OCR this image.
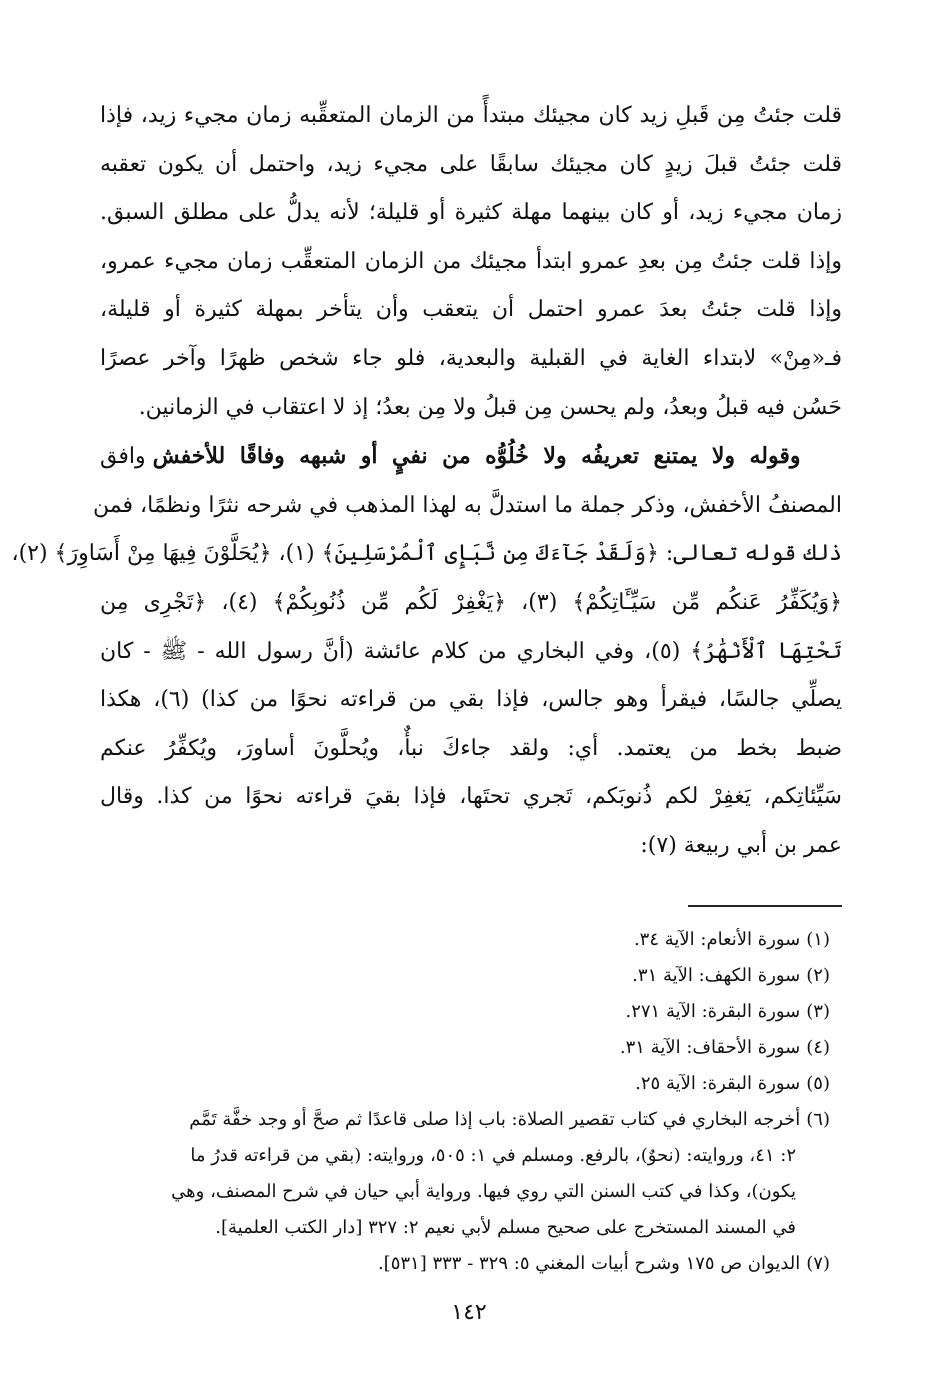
قلت جئتُ مِن قَبلِ زيد كان مجيئك مبتدأً من الزمان المتعقِّبه زمان مجيء زيد، فإذا
قلت جئتُ قبلَ زيدٍ كان مجيئك سابقًا على مجيء زيد، واحتمل أن يكون تعقبه
زمان مجيء زيد، أو كان بينهما مهلة كثيرة أو قليلة؛ لأنه يدلُّ على مطلق السبق.
وإذا قلت جئتُ مِن بعدِ عمرو ابتدأ مجيئك من الزمان المتعقِّب زمان مجيء عمرو،
وإذا قلت جئتُ بعدَ عمرو احتمل أن يتعقب وأن يتأخر بمهلة كثيرة أو قليلة،
فـ«مِنْ» لابتداء الغاية في القبلية والبعدية، فلو جاء شخص ظهرًا وآخر عصرًا
حَسُن فيه قبلُ وبعدُ، ولم يحسن مِن قبلُ ولا مِن بعدُ؛ إذ لا اعتقاب في الزمانين.

وقوله ولا يمتنع تعريفُه ولا خُلُوُّه من نفيٍ أو شبهه وفاقًا للأخفش وافق
المصنفُ الأخفش، وذكر جملة ما استدلَّ به لهذا المذهب في شرحه نثرًا ونظمًا، فمن
ذلك قوله تعالى: ﴿وَلَقَدْ جَآءَكَ مِن نَّبَإِى ٱلْمُرْسَلِينَ﴾ (١)، ﴿يُحَلَّوْنَ فِيهَا مِنْ أَسَاوِرَ﴾ (٢)،
﴿وَيُكَفِّرُ عَنكُم مِّن سَيِّـَٔاتِكُمْ﴾ (٣)، ﴿يَغْفِرْ لَكُم مِّن ذُنُوبِكُمْ﴾ (٤)، ﴿تَجْرِى مِن
تَحْتِهَا ٱلْأَنْهَٰرُ﴾ (٥)، وفي البخاري من كلام عائشة (أنَّ رسول الله - ﷺ - كان
يصلِّي جالسًا، فيقرأ وهو جالس، فإذا بقي من قراءته نحوًا من كذا) (٦)، هكذا
ضبط بخط من يعتمد. أي: ولقد جاءكَ نبأٌ، ويُحلَّونَ أساورَ، ويُكفِّرُ عنكم
سَيِّئاتِكم، يَغفِرْ لكم ذُنوبَكم، تَجري تحتَها، فإذا بقيَ قراءته نحوًا من كذا. وقال
عمر بن أبي ربيعة (٧):

(١)سورة الأنعام: الآية ٣٤.
(٢)سورة الكهف: الآية ٣١.
(٣)سورة البقرة: الآية ٢٧١.
(٤)سورة الأحقاف: الآية ٣١.
(٥)سورة البقرة: الآية ٢٥.
(٦)أخرجه البخاري في كتاب تقصير الصلاة: باب إذا صلى قاعدًا ثم صحَّ أو وجد خفَّة تَمَّم
٢: ٤١، وروايته: (نحوٌ)، بالرفع. ومسلم في ١: ٥٠٥، وروايته: (بقي من قراءته قدرُ ما
يكون)، وكذا في كتب السنن التي روي فيها. ورواية أبي حيان في شرح المصنف، وهي
في المسند المستخرج على صحيح مسلم لأبي نعيم ٢: ٣٢٧ [دار الكتب العلمية].
(٧)الديوان ص ١٧٥ وشرح أبيات المغني ٥: ٣٢٩ - ٣٣٣ [٥٣١].
١٤٢
